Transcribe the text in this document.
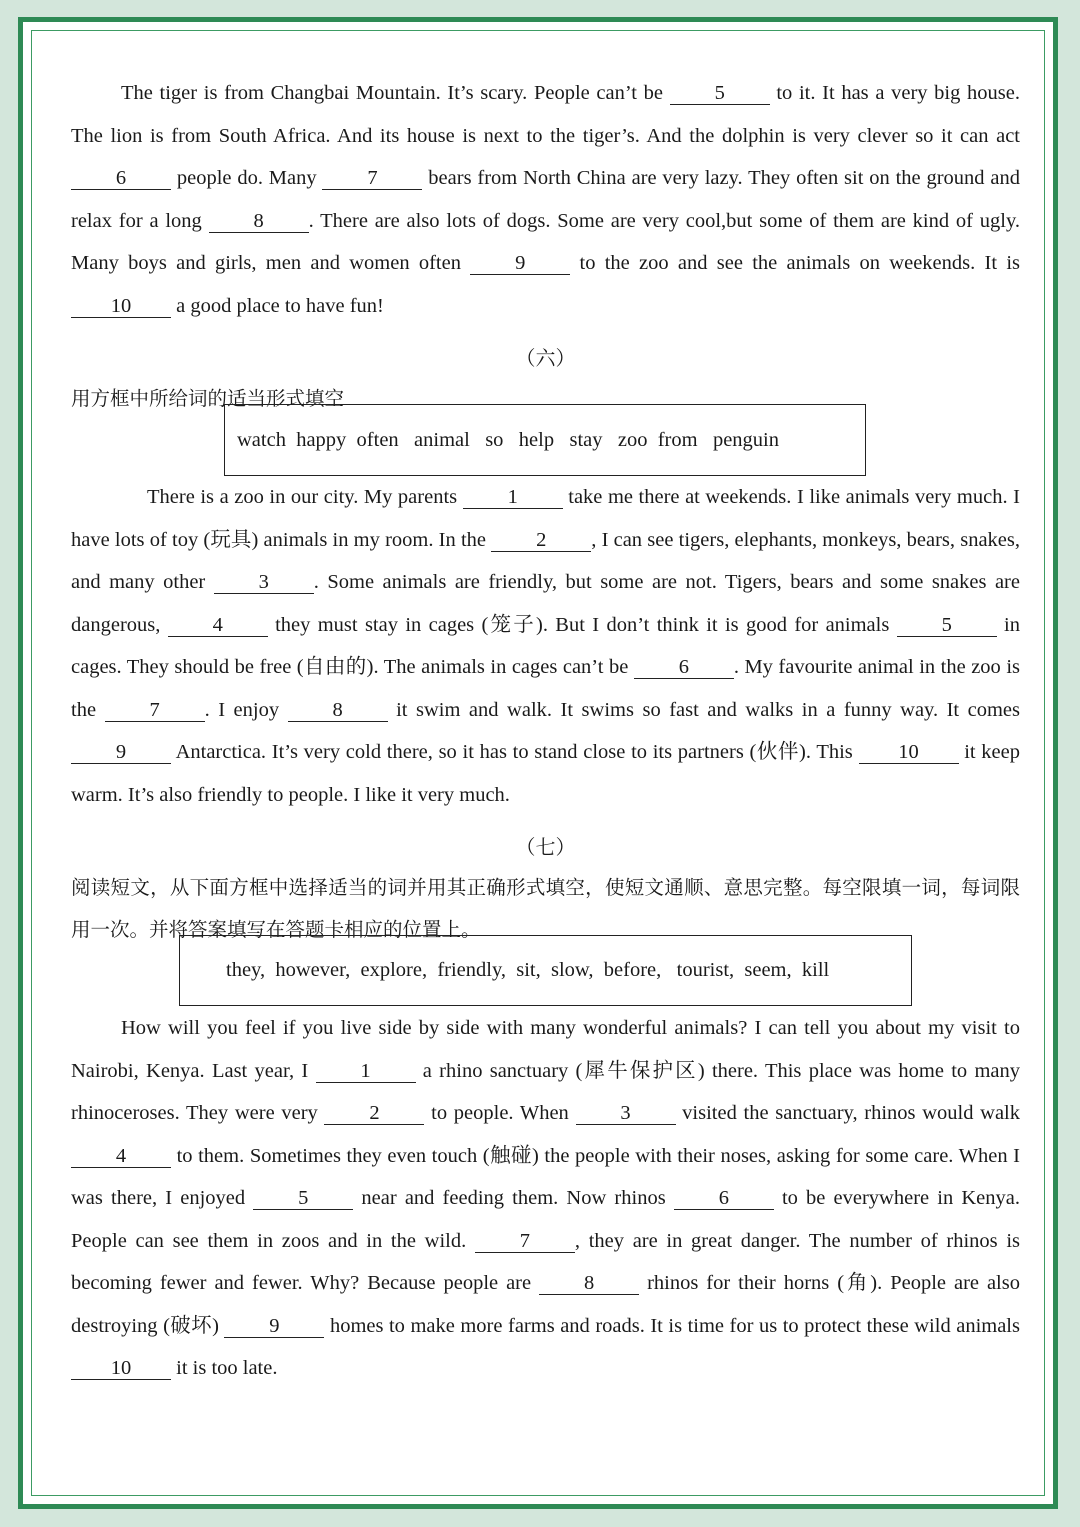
The tiger is from Changbai Mountain. It’s scary. People can’t be 5 to it. It has a very big house. The lion is from South Africa. And its house is next to the tiger’s. And the dolphin is very clever so it can act 6 people do. Many 7 bears from North China are very lazy. They often sit on the ground and relax for a long 8 . There are also lots of dogs. Some are very cool,but some of them are kind of ugly. Many boys and girls, men and women often 9 to the zoo and see the animals on weekends. It is 10 a good place to have fun!

（六）

用方框中所给词的适当形式填空

watch  happy  often   animal   so   help   stay   zoo  from   penguin

There is a zoo in our city. My parents 1 take me there at weekends. I like animals very much. I have lots of toy (玩具) animals in my room. In the 2 , I can see tigers, elephants, monkeys, bears, snakes, and many other 3 . Some animals are friendly, but some are not. Tigers, bears and some snakes are dangerous, 4 they must stay in cages (笼子). But I don’t think it is good for animals 5 in cages. They should be free (自由的). The animals in cages can’t be 6 . My favourite animal in the zoo is the 7 . I enjoy 8 it swim and walk. It swims so fast and walks in a funny way. It comes 9 Antarctica. It’s very cold there, so it has to stand close to its partners (伙伴). This 10 it keep warm. It’s also friendly to people. I like it very much.

（七）

阅读短文，从下面方框中选择适当的词并用其正确形式填空，使短文通顺、意思完整。每空限填一词，每词限用一次。并将答案填写在答题卡相应的位置上。

they,  however,  explore,  friendly,  sit,  slow,  before,   tourist,  seem,  kill

How will you feel if you live side by side with many wonderful animals? I can tell you about my visit to Nairobi, Kenya. Last year, I 1 a rhino sanctuary (犀牛保护区) there. This place was home to many rhinoceroses. They were very 2 to people. When 3 visited the sanctuary, rhinos would walk 4 to them. Sometimes they even touch (触碰) the people with their noses, asking for some care. When I was there, I enjoyed 5 near and feeding them. Now rhinos 6 to be everywhere in Kenya. People can see them in zoos and in the wild. 7 , they are in great danger. The number of rhinos is becoming fewer and fewer. Why? Because people are 8 rhinos for their horns (角). People are also destroying (破坏) 9 homes to make more farms and roads. It is time for us to protect these wild animals 10 it is too late.
